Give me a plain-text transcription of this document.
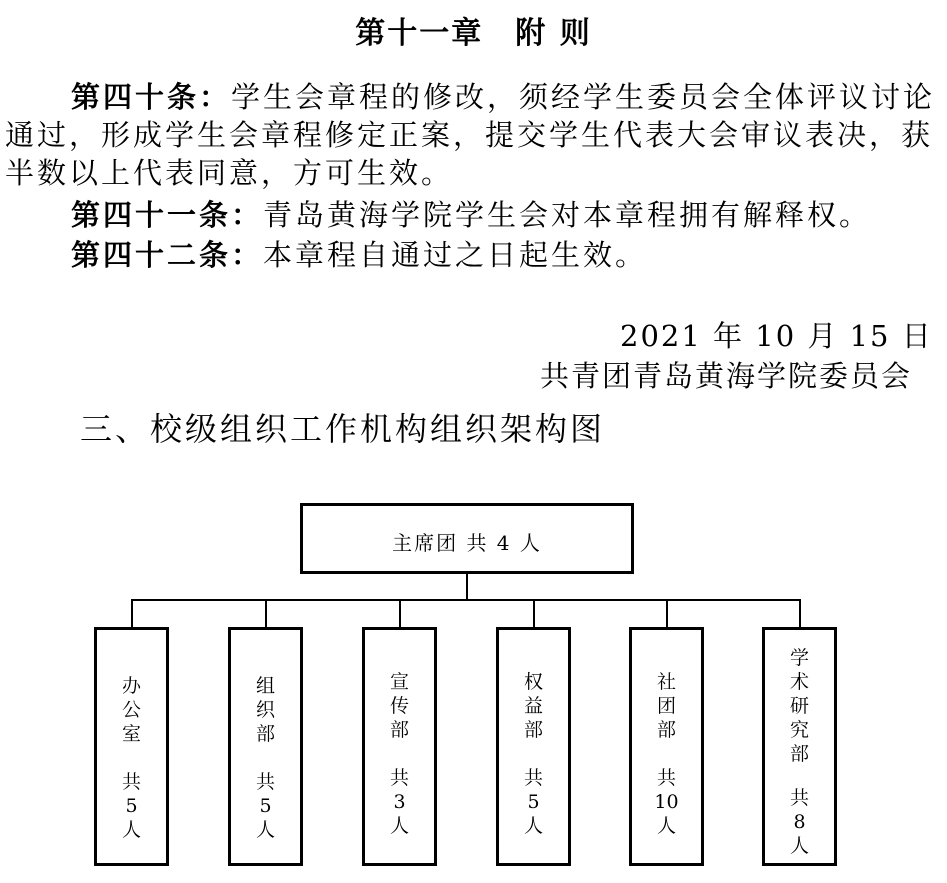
第十一章　附 则
第四十条：学生会章程的修改，须经学生委员会全体评议讨论
通过，形成学生会章程修定正案，提交学生代表大会审议表决，获
半数以上代表同意，方可生效。
第四十一条：青岛黄海学院学生会对本章程拥有解释权。
第四十二条：本章程自通过之日起生效。
2021 年 10 月 15 日
共青团青岛黄海学院委员会
三、校级组织工作机构组织架构图
主席团 共 4 人
办
公
室
共
5
人
组
织
部
共
5
人
宣
传
部
共
3
人
权
益
部
共
5
人
社
团
部
共
10
人
学
术
研
究
部
共
8
人
